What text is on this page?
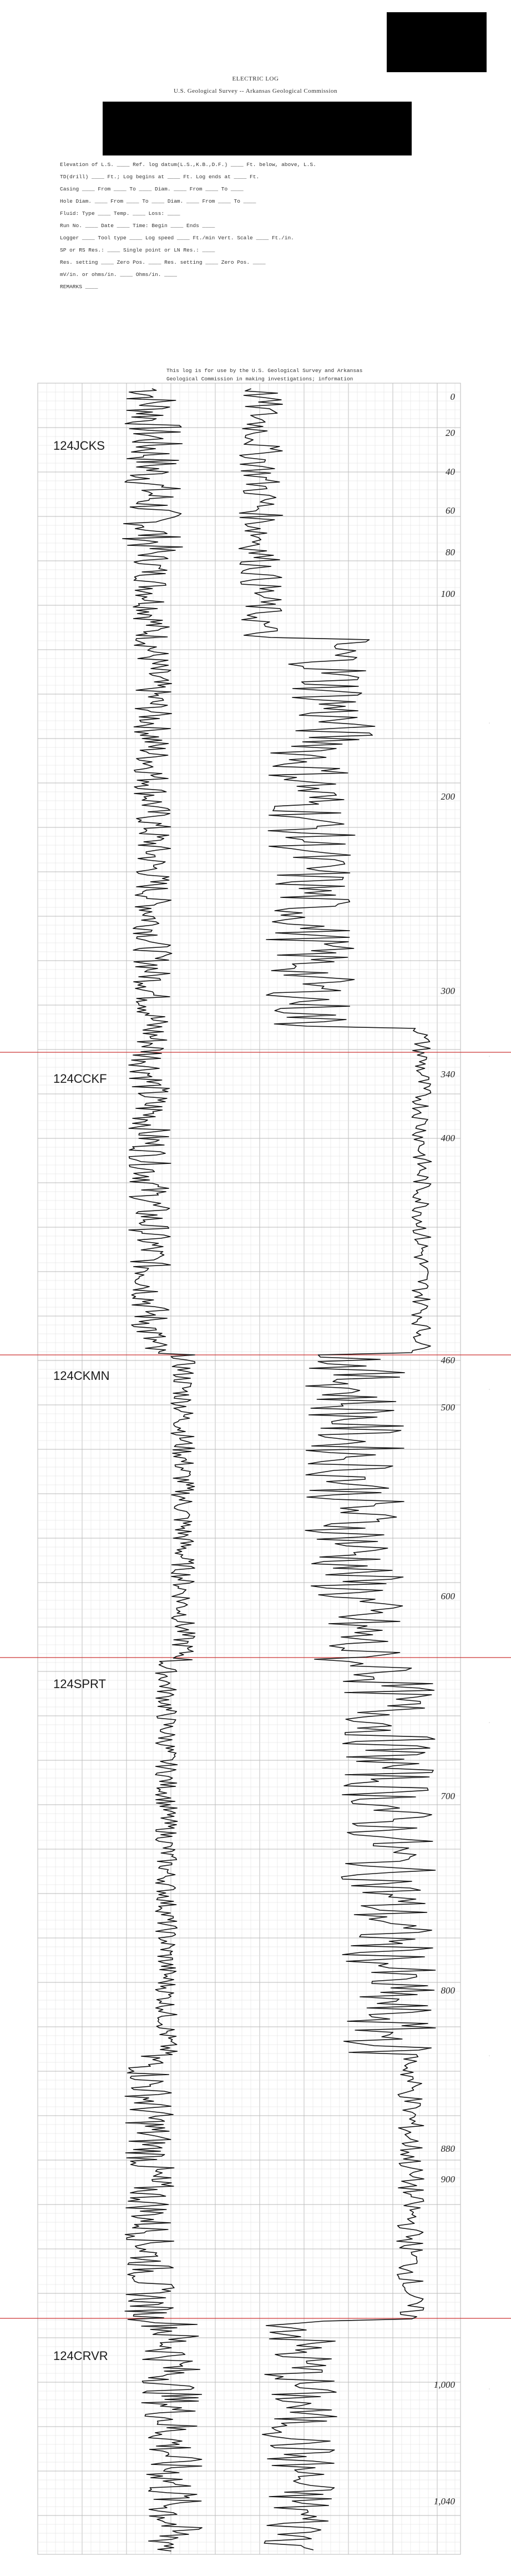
ELECTRIC LOG
U.S. Geological Survey -- Arkansas Geological Commission
Elevation of L.S. ____ Ref. log datum(L.S.,K.B.,D.F.) ____ Ft. below, above, L.S.
TD(drill) ____ Ft.; Log begins at ____ Ft. Log ends at ____ Ft.
Casing ____ From ____ To ____ Diam. ____ From ____ To ____
Hole Diam. ____ From ____ To ____ Diam. ____ From ____ To ____
Fluid: Type ____ Temp. ____ Loss: ____
Run No. ____ Date ____ Time: Begin ____ Ends ____
Logger ____ Tool type ____ Log speed ____ Ft./min Vert. Scale ____ Ft./in.
SP or RS Res.: ____ Single point or LN Res.: ____
Res. setting ____ Zero Pos. ____ Res. setting ____ Zero Pos. ____
mV/in. or ohms/in. ____ Ohms/in. ____
REMARKS ____
This log is for use by the U.S. Geological Survey and Arkansas
Geological Commission in making investigations; information
·
·
·
·
·
·
124JCKS
124CCKF
124CKMN
124SPRT
124CRVR
0
20
40
60
80
100
200
300
340
400
460
500
600
700
800
880
900
1,000
1,040
